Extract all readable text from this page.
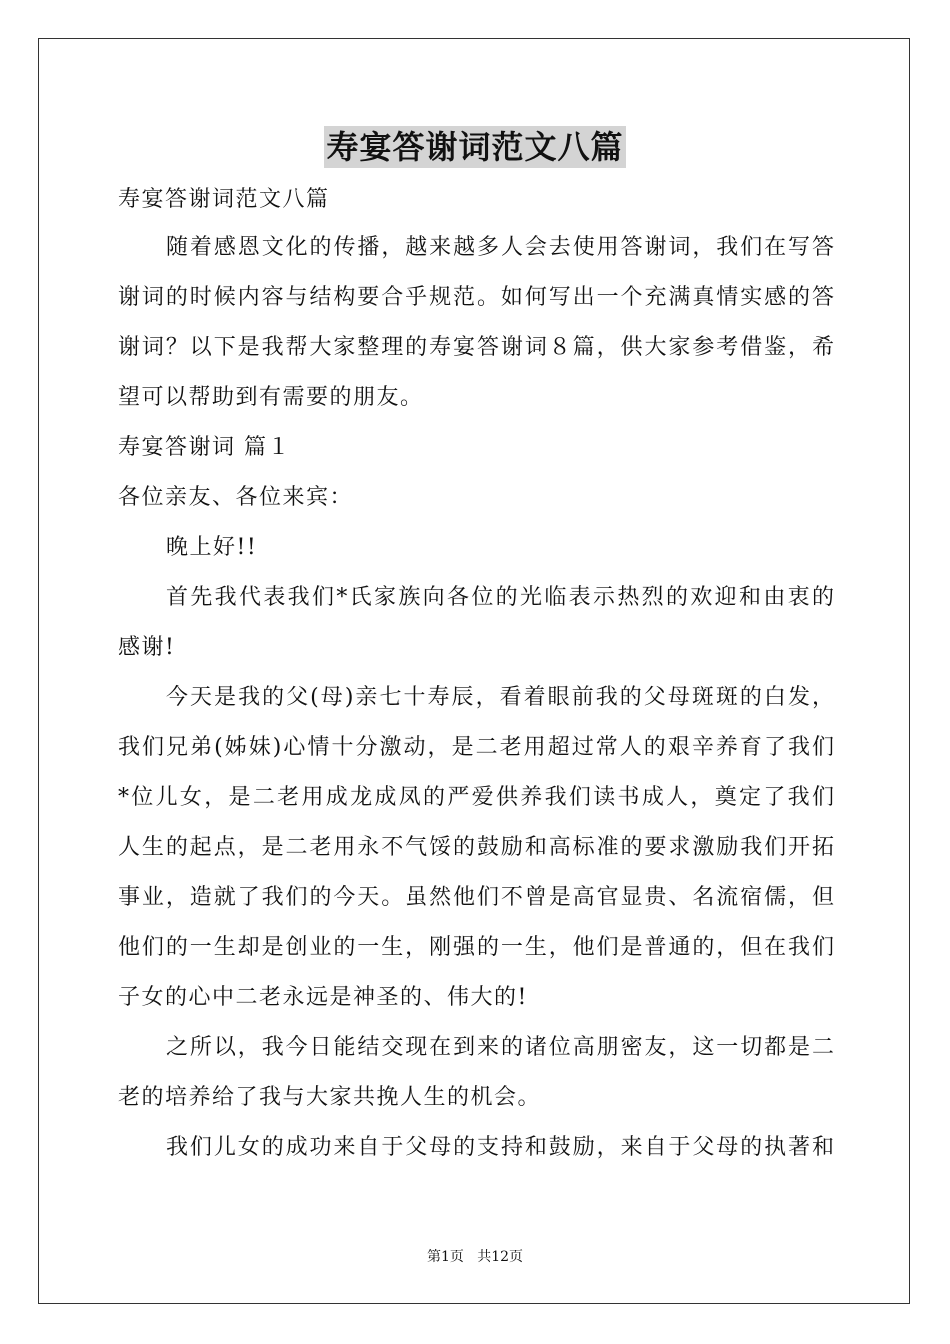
寿宴答谢词范文八篇
寿宴答谢词范文八篇
随着感恩文化的传播，越来越多人会去使用答谢词，我们在写答
谢词的时候内容与结构要合乎规范。如何写出一个充满真情实感的答
谢词？以下是我帮大家整理的寿宴答谢词８篇，供大家参考借鉴，希
望可以帮助到有需要的朋友。
寿宴答谢词 篇１
各位亲友、各位来宾：
晚上好!!
首先我代表我们*氏家族向各位的光临表示热烈的欢迎和由衷的
感谢!
今天是我的父(母)亲七十寿辰，看着眼前我的父母斑斑的白发，
我们兄弟(姊妹)心情十分激动，是二老用超过常人的艰辛养育了我们
*位儿女，是二老用成龙成凤的严爱供养我们读书成人，奠定了我们
人生的起点，是二老用永不气馁的鼓励和高标准的要求激励我们开拓
事业，造就了我们的今天。虽然他们不曾是高官显贵、名流宿儒，但
他们的一生却是创业的一生，刚强的一生，他们是普通的，但在我们
子女的心中二老永远是神圣的、伟大的!
之所以，我今日能结交现在到来的诸位高朋密友，这一切都是二
老的培养给了我与大家共挽人生的机会。
我们儿女的成功来自于父母的支持和鼓励，来自于父母的执著和
第1页   共12页
